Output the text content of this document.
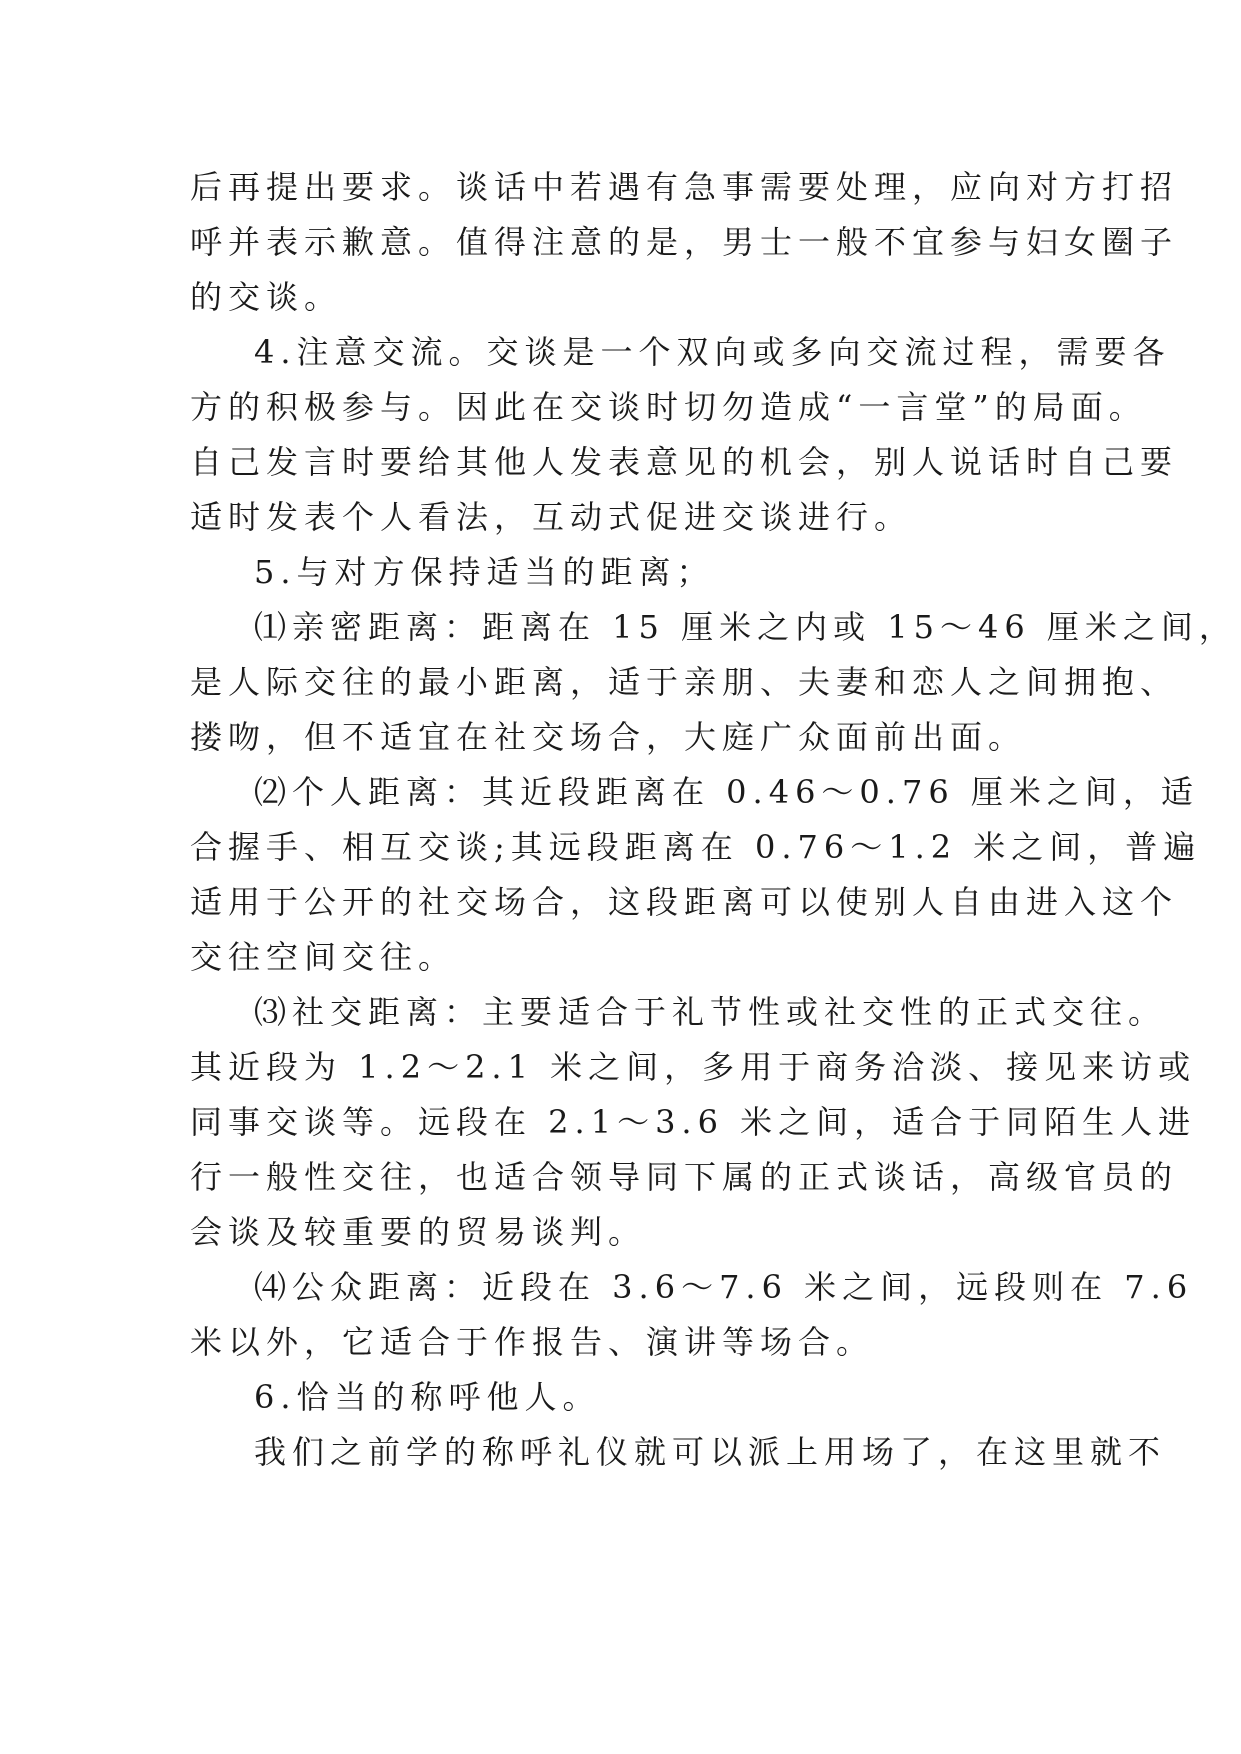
后再提出要求。谈话中若遇有急事需要处理，应向对方打招
呼并表示歉意。值得注意的是，男士一般不宜参与妇女圈子
的交谈。
4.注意交流。交谈是一个双向或多向交流过程，需要各
方的积极参与。因此在交谈时切勿造成“一言堂”的局面。
自己发言时要给其他人发表意见的机会，别人说话时自己要
适时发表个人看法，互动式促进交谈进行。
5.与对方保持适当的距离；
⑴亲密距离：距离在 15 厘米之内或 15～46 厘米之间，
是人际交往的最小距离，适于亲朋、夫妻和恋人之间拥抱、
搂吻，但不适宜在社交场合，大庭广众面前出面。
⑵个人距离：其近段距离在 0.46～0.76 厘米之间，适
合握手、相互交谈;其远段距离在 0.76～1.2 米之间，普遍
适用于公开的社交场合，这段距离可以使别人自由进入这个
交往空间交往。
⑶社交距离：主要适合于礼节性或社交性的正式交往。
其近段为 1.2～2.1 米之间，多用于商务洽淡、接见来访或
同事交谈等。远段在 2.1～3.6 米之间，适合于同陌生人进
行一般性交往，也适合领导同下属的正式谈话，高级官员的
会谈及较重要的贸易谈判。
⑷公众距离：近段在 3.6～7.6 米之间，远段则在 7.6
米以外，它适合于作报告、演讲等场合。
6.恰当的称呼他人。
我们之前学的称呼礼仪就可以派上用场了，在这里就不
